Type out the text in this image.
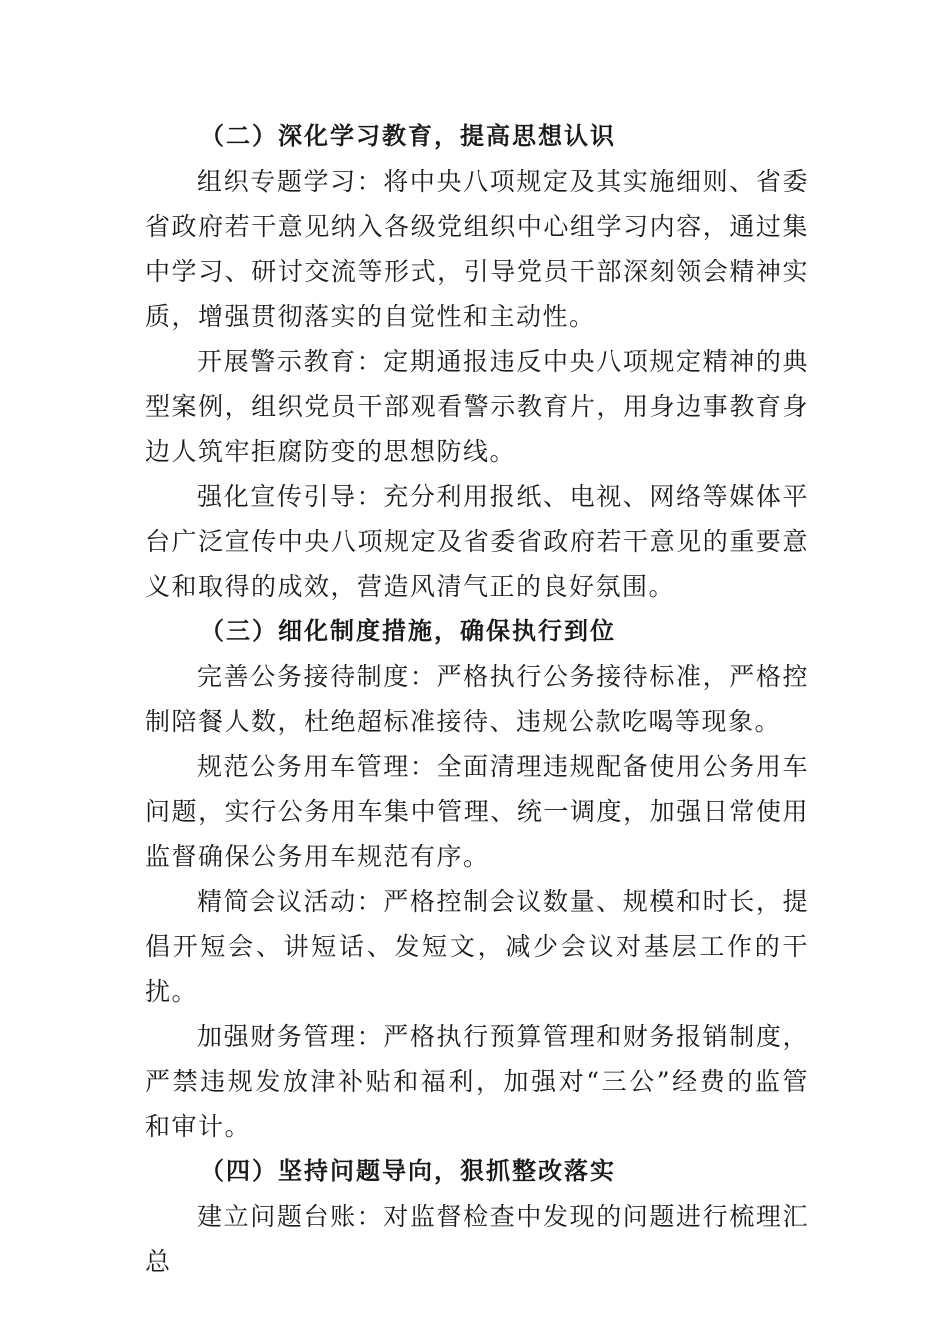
（二）深化学习教育，提高思想认识

组织专题学习：将中央八项规定及其实施细则、省委省政府若干意见纳入各级党组织中心组学习内容，通过集中学习、研讨交流等形式，引导党员干部深刻领会精神实质，增强贯彻落实的自觉性和主动性。

开展警示教育：定期通报违反中央八项规定精神的典型案例，组织党员干部观看警示教育片，用身边事教育身边人筑牢拒腐防变的思想防线。

强化宣传引导：充分利用报纸、电视、网络等媒体平台广泛宣传中央八项规定及省委省政府若干意见的重要意义和取得的成效，营造风清气正的良好氛围。

（三）细化制度措施，确保执行到位

完善公务接待制度：严格执行公务接待标准，严格控制陪餐人数，杜绝超标准接待、违规公款吃喝等现象。

规范公务用车管理：全面清理违规配备使用公务用车问题，实行公务用车集中管理、统一调度，加强日常使用监督确保公务用车规范有序。

精简会议活动：严格控制会议数量、规模和时长，提倡开短会、讲短话、发短文，减少会议对基层工作的干扰。

加强财务管理：严格执行预算管理和财务报销制度，严禁违规发放津补贴和福利，加强对“三公”经费的监管和审计。

（四）坚持问题导向，狠抓整改落实

建立问题台账：对监督检查中发现的问题进行梳理汇总
